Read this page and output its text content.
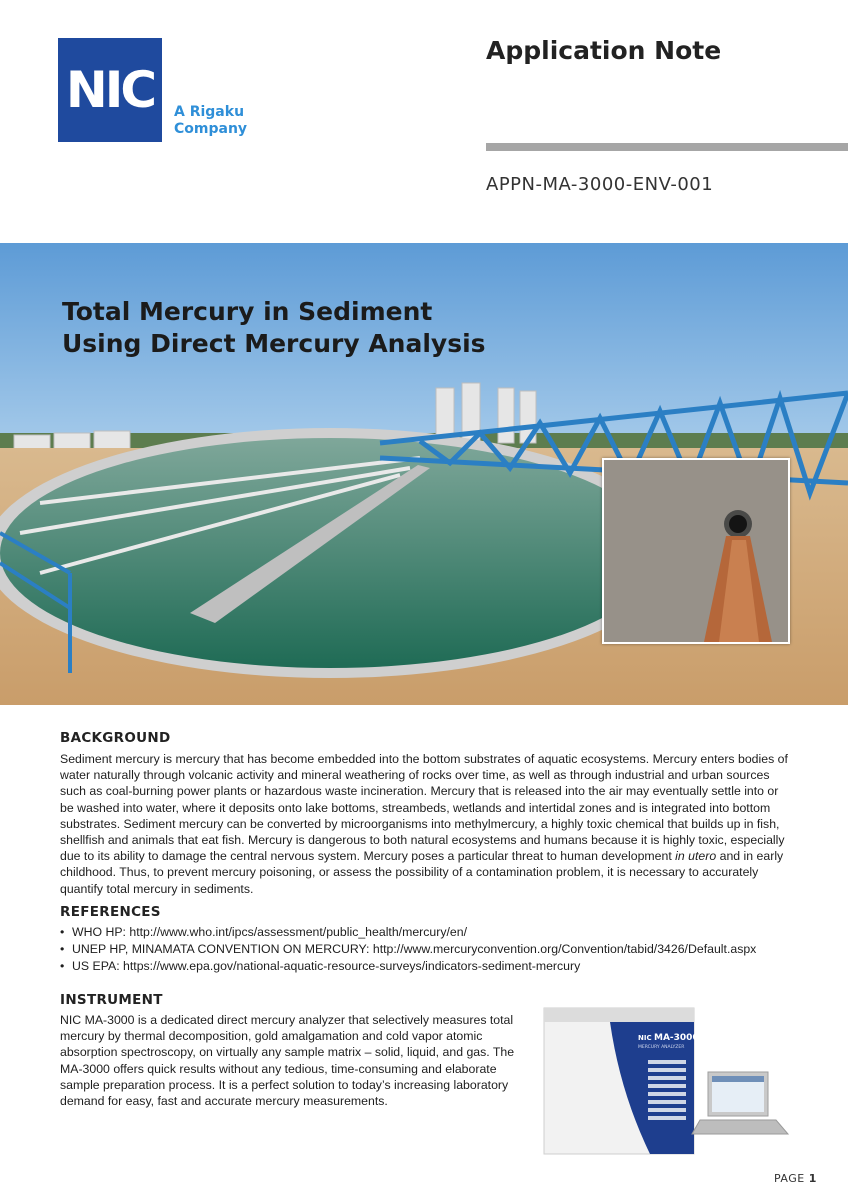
NIC A Rigaku
Company
Application Note
APPN-MA-3000-ENV-001
Total Mercury in Sediment
Using Direct Mercury Analysis
BACKGROUND
Sediment mercury is mercury that has become embedded into the bottom substrates of aquatic ecosystems. Mercury enters bodies of water naturally through volcanic activity and mineral weathering of rocks over time, as well as through industrial and urban sources such as coal-burning power plants or hazardous waste incineration. Mercury that is released into the air may eventually settle into or be washed into water, where it deposits onto lake bottoms, streambeds, wetlands and intertidal zones and is integrated into bottom substrates. Sediment mercury can be converted by microorganisms into methylmercury, a highly toxic chemical that builds up in fish, shellfish and animals that eat fish. Mercury is dangerous to both natural ecosystems and humans because it is highly toxic, especially due to its ability to damage the central nervous system. Mercury poses a particular threat to human development in utero and in early childhood. Thus, to prevent mercury poisoning, or assess the possibility of a contamination problem, it is necessary to accurately quantify total mercury in sediments.
REFERENCES
• WHO HP: http://www.who.int/ipcs/assessment/public_health/mercury/en/
• UNEP HP, MINAMATA CONVENTION ON MERCURY: http://www.mercuryconvention.org/Convention/tabid/3426/Default.aspx
• US EPA: https://www.epa.gov/national-aquatic-resource-surveys/indicators-sediment-mercury
INSTRUMENT
NIC MA-3000 is a dedicated direct mercury analyzer that selectively measures total mercury by thermal decomposition, gold amalgamation and cold vapor atomic absorption spectroscopy, on virtually any sample matrix – solid, liquid, and gas. The MA-3000 offers quick results without any tedious, time-consuming and elaborate sample preparation process. It is a perfect solution to today’s increasing laboratory demand for easy, fast and accurate mercury measurements.
NIC MA-3000
MERCURY ANALYZER
PAGE 1
